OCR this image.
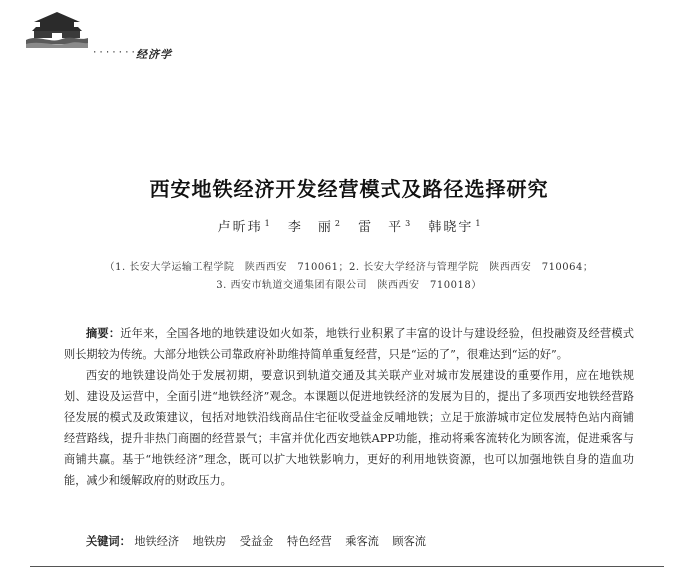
·········
经济学
西安地铁经济开发经营模式及路径选择研究
卢昕玮 $^1$ 李　丽 $^2$ 雷　平 $^3$ 韩晓宇 $^1$
（1. 长安大学运输工程学院　陕西西安　710061；2. 长安大学经济与管理学院　陕西西安　710064；
3. 西安市轨道交通集团有限公司　陕西西安　710018）

摘要：近年来，全国各地的地铁建设如火如荼，地铁行业积累了丰富的设计与建设经验，但投融资及经营模式则长期较为传统。大部分地铁公司靠政府补助维持简单重复经营，只是“运的了”，很难达到“运的好”。

西安的地铁建设尚处于发展初期，要意识到轨道交通及其关联产业对城市发展建设的重要作用，应在地铁规划、建设及运营中，全面引进“地铁经济”观念。本课题以促进地铁经济的发展为目的，提出了多项西安地铁经营路径发展的模式及政策建议，包括对地铁沿线商品住宅征收受益金反哺地铁；立足于旅游城市定位发展特色站内商铺经营路线，提升非热门商圈的经营景气；丰富并优化西安地铁APP功能，推动将乘客流转化为顾客流，促进乘客与商铺共赢。基于“地铁经济”理念，既可以扩大地铁影响力，更好的利用地铁资源，也可以加强地铁自身的造血功能，减少和缓解政府的财政压力。

关键词： 地铁经济 地铁房 受益金 特色经营 乘客流 顾客流
